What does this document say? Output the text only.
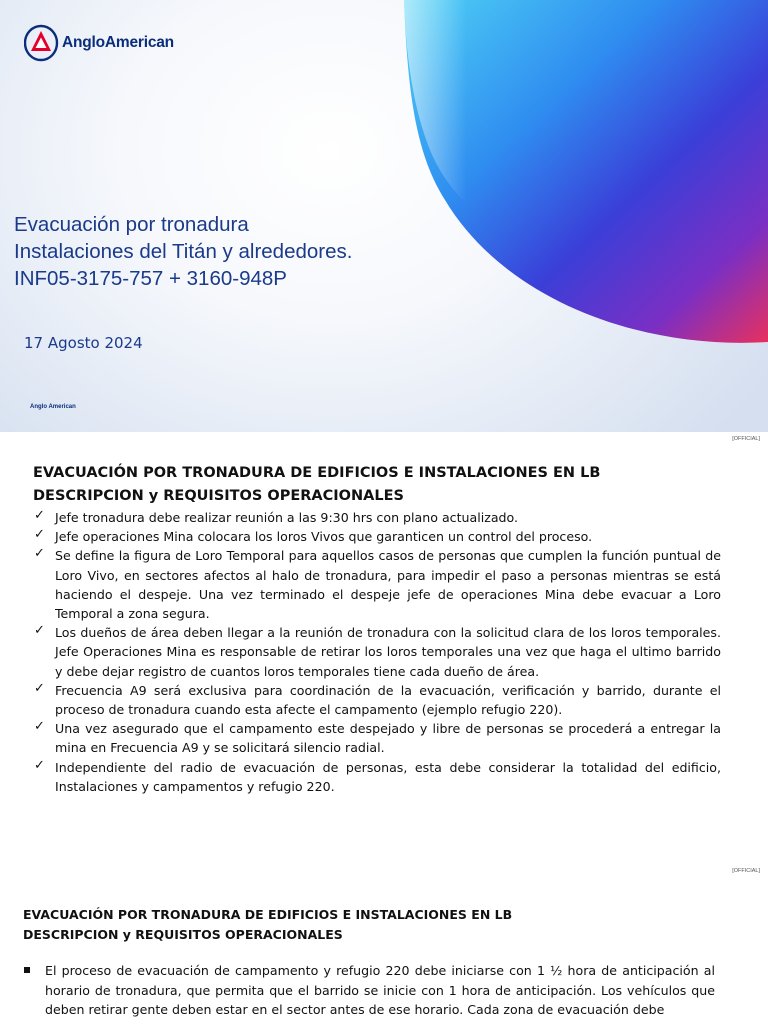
AngloAmerican
Evacuación por tronadura
Instalaciones del Titán y alrededores.
INF05-3175-757 + 3160-948P
17 Agosto 2024
Anglo American
[OFFICIAL]
EVACUACIÓN POR TRONADURA DE EDIFICIOS E INSTALACIONES EN LB
DESCRIPCION y REQUISITOS OPERACIONALES
✓ Jefe tronadura debe realizar reunión a las 9:30 hrs con plano actualizado.
✓ Jefe operaciones Mina colocara los loros Vivos que garanticen un control del proceso.
✓ Se define la figura de Loro Temporal para aquellos casos de personas que cumplen la función puntual de Loro Vivo, en sectores afectos al halo de tronadura, para impedir el paso a personas mientras se está haciendo el despeje. Una vez terminado el despeje jefe de operaciones Mina debe evacuar a Loro Temporal a zona segura.
✓ Los dueños de área deben llegar a la reunión de tronadura con la solicitud clara de los loros temporales. Jefe Operaciones Mina es responsable de retirar los loros temporales una vez que haga el ultimo barrido y debe dejar registro de cuantos loros temporales tiene cada dueño de área.
✓ Frecuencia A9 será exclusiva para coordinación de la evacuación, verificación y barrido, durante el proceso de tronadura cuando esta afecte el campamento (ejemplo refugio 220).
✓ Una vez asegurado que el campamento este despejado y libre de personas se procederá a entregar la mina en Frecuencia A9 y se solicitará silencio radial.
✓ Independiente del radio de evacuación de personas, esta debe considerar la totalidad del edificio, Instalaciones y campamentos y refugio 220.
[OFFICIAL]
EVACUACIÓN POR TRONADURA DE EDIFICIOS E INSTALACIONES EN LB
DESCRIPCION y REQUISITOS OPERACIONALES
El proceso de evacuación de campamento y refugio 220 debe iniciarse con 1 ½ hora de anticipación al horario de tronadura, que permita que el barrido se inicie con 1 hora de anticipación. Los vehículos que deben retirar gente deben estar en el sector antes de ese horario. Cada zona de evacuación debe
